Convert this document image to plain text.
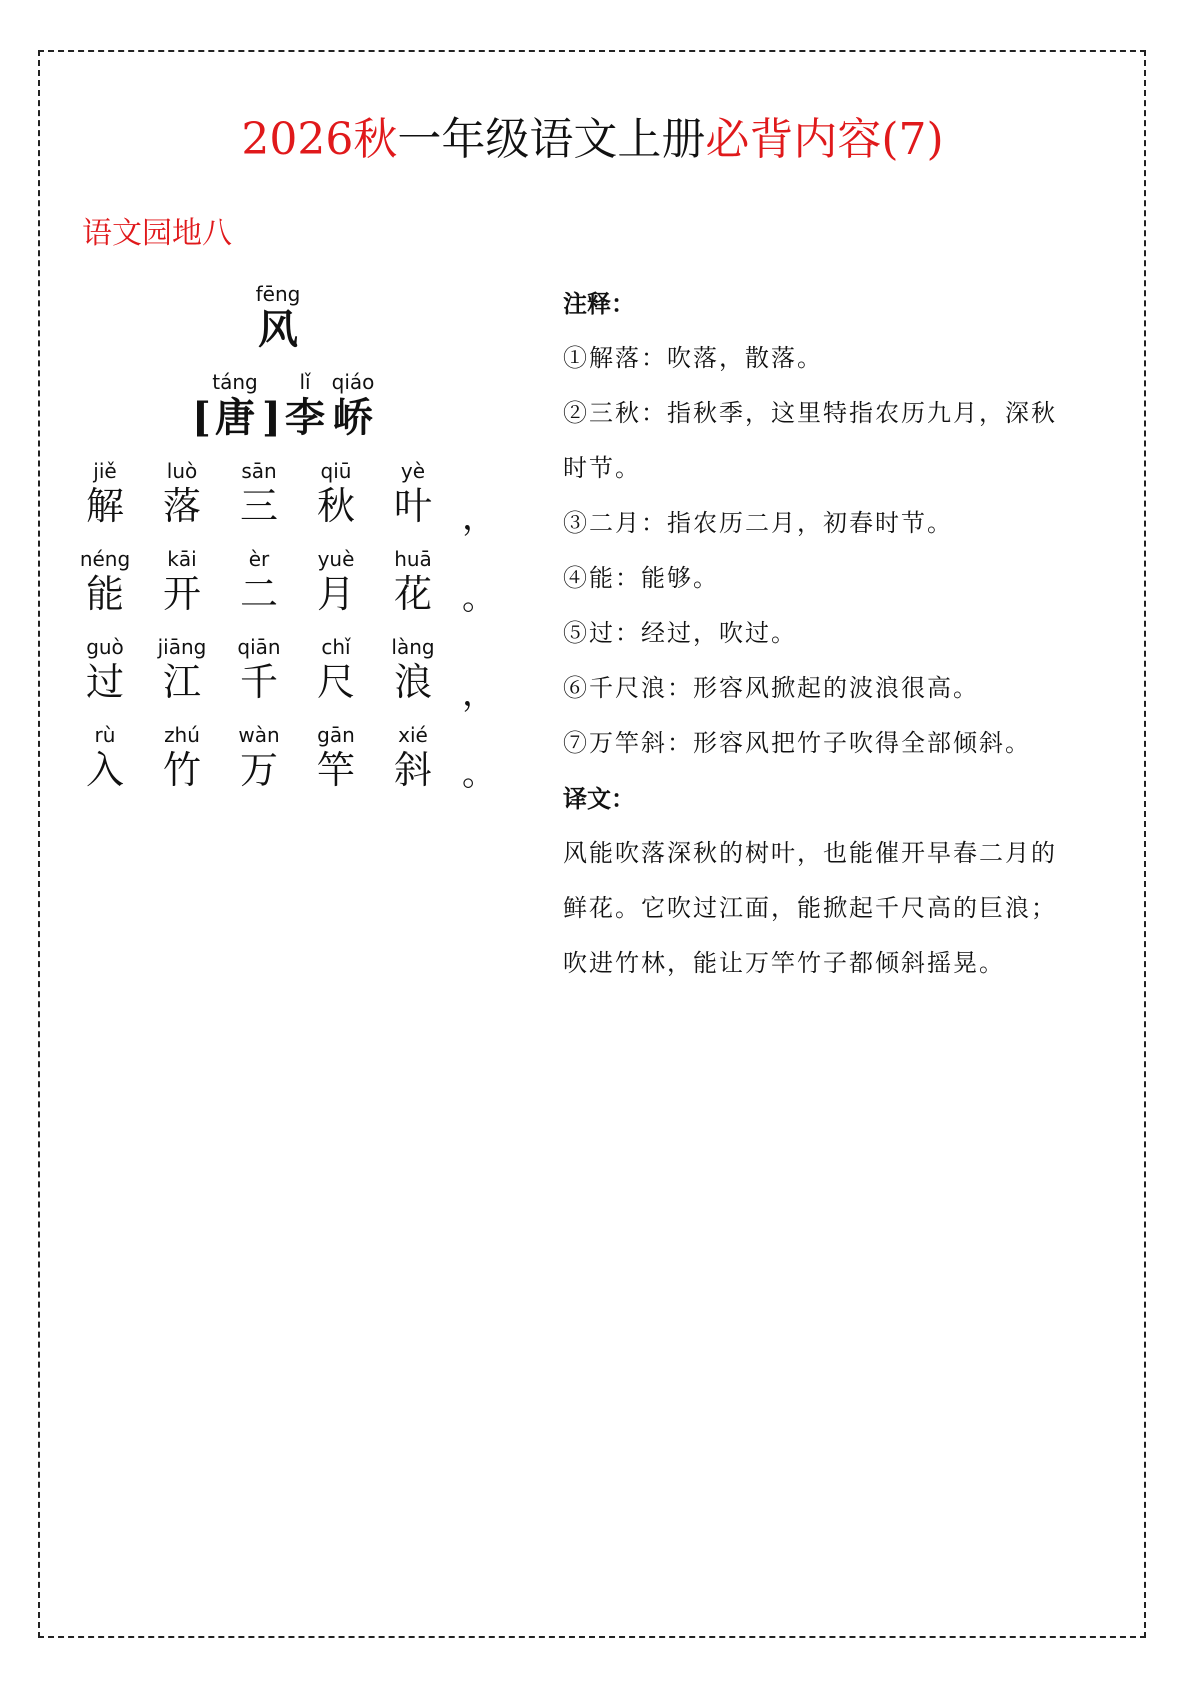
2026秋一年级语文上册必背内容(7)
语文园地八
fēng
风
[
táng
唐 ]
lǐ
李
qiáo
峤
jiě
解
luò
落
sān
三
qiū
秋
yè
叶 ，
néng
能
kāi
开
èr
二
yuè
月
huā
花 。
guò
过
jiāng
江
qiān
千
chǐ
尺
làng
浪 ，
rù
入
zhú
竹
wàn
万
gān
竿
xié
斜 。
注释：
①解落：吹落，散落。
②三秋：指秋季，这里特指农历九月，深秋
时节。
③二月：指农历二月，初春时节。
④能：能够。
⑤过：经过，吹过。
⑥千尺浪：形容风掀起的波浪很高。
⑦万竿斜：形容风把竹子吹得全部倾斜。
译文：
风能吹落深秋的树叶，也能催开早春二月的
鲜花。它吹过江面，能掀起千尺高的巨浪；
吹进竹林，能让万竿竹子都倾斜摇晃。
